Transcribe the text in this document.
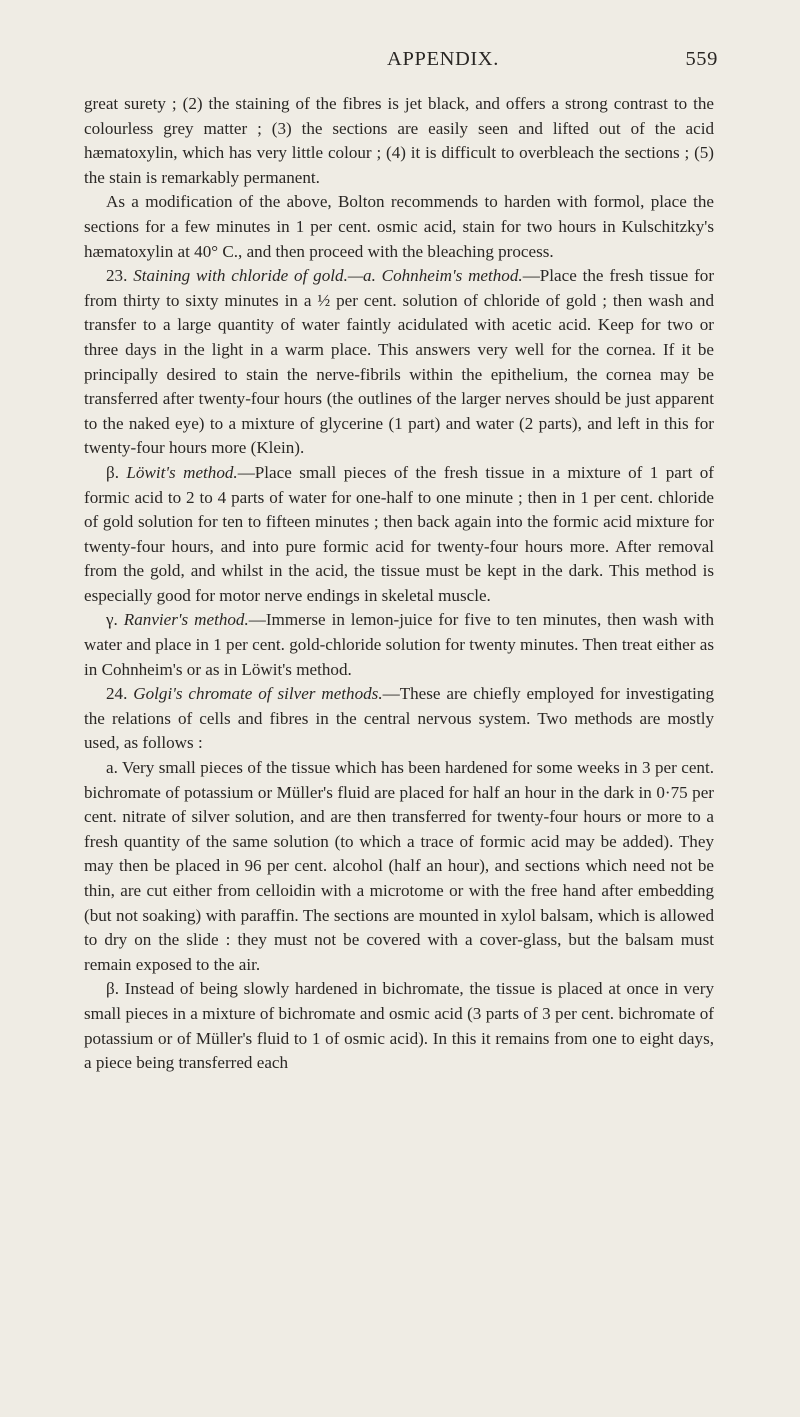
APPENDIX.	559

great surety ; (2) the staining of the fibres is jet black, and offers a strong contrast to the colourless grey matter ; (3) the sections are easily seen and lifted out of the acid hæmatoxylin, which has very little colour ; (4) it is difficult to overbleach the sections ; (5) the stain is remarkably permanent.

As a modification of the above, Bolton recommends to harden with formol, place the sections for a few minutes in 1 per cent. osmic acid, stain for two hours in Kulschitzky's hæmatoxylin at 40° C., and then proceed with the bleaching process.

23. Staining with chloride of gold.—a. Cohnheim's method.—Place the fresh tissue for from thirty to sixty minutes in a ½ per cent. solution of chloride of gold ; then wash and transfer to a large quantity of water faintly acidulated with acetic acid. Keep for two or three days in the light in a warm place. This answers very well for the cornea. If it be principally desired to stain the nerve-fibrils within the epithelium, the cornea may be transferred after twenty-four hours (the outlines of the larger nerves should be just apparent to the naked eye) to a mixture of glycerine (1 part) and water (2 parts), and left in this for twenty-four hours more (Klein).

β. Löwit's method.—Place small pieces of the fresh tissue in a mixture of 1 part of formic acid to 2 to 4 parts of water for one-half to one minute ; then in 1 per cent. chloride of gold solution for ten to fifteen minutes ; then back again into the formic acid mixture for twenty-four hours, and into pure formic acid for twenty-four hours more. After removal from the gold, and whilst in the acid, the tissue must be kept in the dark. This method is especially good for motor nerve endings in skeletal muscle.

γ. Ranvier's method.—Immerse in lemon-juice for five to ten minutes, then wash with water and place in 1 per cent. gold-chloride solution for twenty minutes. Then treat either as in Cohnheim's or as in Löwit's method.

24. Golgi's chromate of silver methods.—These are chiefly employed for investigating the relations of cells and fibres in the central nervous system. Two methods are mostly used, as follows :

a. Very small pieces of the tissue which has been hardened for some weeks in 3 per cent. bichromate of potassium or Müller's fluid are placed for half an hour in the dark in 0·75 per cent. nitrate of silver solution, and are then transferred for twenty-four hours or more to a fresh quantity of the same solution (to which a trace of formic acid may be added). They may then be placed in 96 per cent. alcohol (half an hour), and sections which need not be thin, are cut either from celloidin with a microtome or with the free hand after embedding (but not soaking) with paraffin. The sections are mounted in xylol balsam, which is allowed to dry on the slide : they must not be covered with a cover-glass, but the balsam must remain exposed to the air.

β. Instead of being slowly hardened in bichromate, the tissue is placed at once in very small pieces in a mixture of bichromate and osmic acid (3 parts of 3 per cent. bichromate of potassium or of Müller's fluid to 1 of osmic acid). In this it remains from one to eight days, a piece being transferred each
